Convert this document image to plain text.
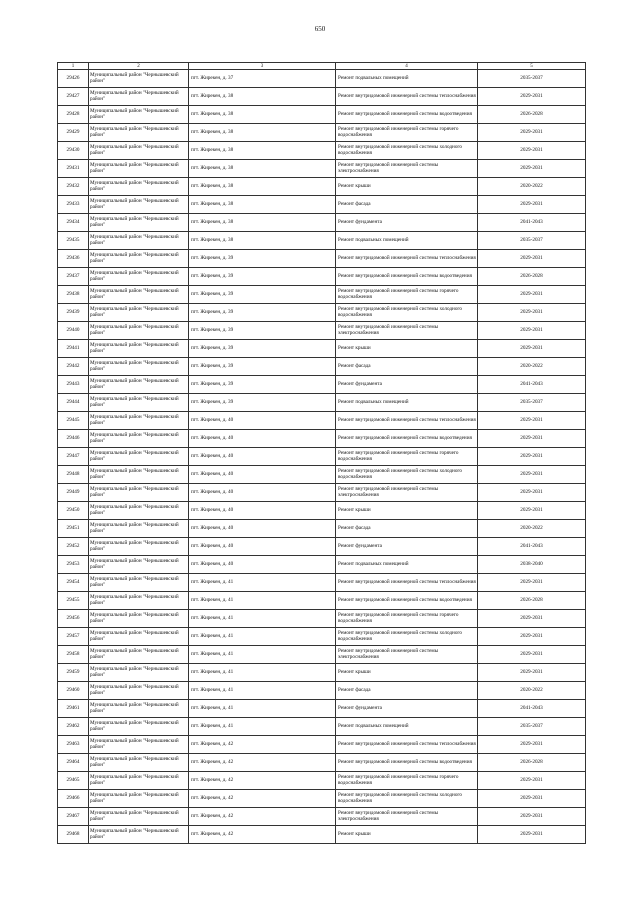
650
1	2	3	4	5
29426	Муниципальный район "Чернышевский район"	пгт. Жирекен, д. 37	Ремонт подвальных помещений	2035-2037
29427	Муниципальный район "Чернышевский район"	пгт. Жирекен, д. 38	Ремонт внутридомовой инженерной системы теплоснабжения	2029-2031
29428	Муниципальный район "Чернышевский район"	пгт. Жирекен, д. 38	Ремонт внутридомовой инженерной системы водоотведения	2026-2028
29429	Муниципальный район "Чернышевский район"	пгт. Жирекен, д. 38	Ремонт внутридомовой инженерной системы горячего водоснабжения	2029-2031
29430	Муниципальный район "Чернышевский район"	пгт. Жирекен, д. 38	Ремонт внутридомовой инженерной системы холодного водоснабжения	2029-2031
29431	Муниципальный район "Чернышевский район"	пгт. Жирекен, д. 38	Ремонт внутридомовой инженерной системы электроснабжения	2029-2031
29432	Муниципальный район "Чернышевский район"	пгт. Жирекен, д. 38	Ремонт крыши	2020-2022
29433	Муниципальный район "Чернышевский район"	пгт. Жирекен, д. 38	Ремонт фасада	2029-2031
29434	Муниципальный район "Чернышевский район"	пгт. Жирекен, д. 38	Ремонт фундамента	2041-2043
29435	Муниципальный район "Чернышевский район"	пгт. Жирекен, д. 38	Ремонт подвальных помещений	2035-2037
29436	Муниципальный район "Чернышевский район"	пгт. Жирекен, д. 39	Ремонт внутридомовой инженерной системы теплоснабжения	2029-2031
29437	Муниципальный район "Чернышевский район"	пгт. Жирекен, д. 39	Ремонт внутридомовой инженерной системы водоотведения	2026-2028
29438	Муниципальный район "Чернышевский район"	пгт. Жирекен, д. 39	Ремонт внутридомовой инженерной системы горячего водоснабжения	2029-2031
29439	Муниципальный район "Чернышевский район"	пгт. Жирекен, д. 39	Ремонт внутридомовой инженерной системы холодного водоснабжения	2029-2031
29440	Муниципальный район "Чернышевский район"	пгт. Жирекен, д. 39	Ремонт внутридомовой инженерной системы электроснабжения	2029-2031
29441	Муниципальный район "Чернышевский район"	пгт. Жирекен, д. 39	Ремонт крыши	2029-2031
29442	Муниципальный район "Чернышевский район"	пгт. Жирекен, д. 39	Ремонт фасада	2020-2022
29443	Муниципальный район "Чернышевский район"	пгт. Жирекен, д. 39	Ремонт фундамента	2041-2043
29444	Муниципальный район "Чернышевский район"	пгт. Жирекен, д. 39	Ремонт подвальных помещений	2035-2037
29445	Муниципальный район "Чернышевский район"	пгт. Жирекен, д. 40	Ремонт внутридомовой инженерной системы теплоснабжения	2029-2031
29446	Муниципальный район "Чернышевский район"	пгт. Жирекен, д. 40	Ремонт внутридомовой инженерной системы водоотведения	2029-2031
29447	Муниципальный район "Чернышевский район"	пгт. Жирекен, д. 40	Ремонт внутридомовой инженерной системы горячего водоснабжения	2029-2031
29448	Муниципальный район "Чернышевский район"	пгт. Жирекен, д. 40	Ремонт внутридомовой инженерной системы холодного водоснабжения	2029-2031
29449	Муниципальный район "Чернышевский район"	пгт. Жирекен, д. 40	Ремонт внутридомовой инженерной системы электроснабжения	2029-2031
29450	Муниципальный район "Чернышевский район"	пгт. Жирекен, д. 40	Ремонт крыши	2029-2031
29451	Муниципальный район "Чернышевский район"	пгт. Жирекен, д. 40	Ремонт фасада	2020-2022
29452	Муниципальный район "Чернышевский район"	пгт. Жирекен, д. 40	Ремонт фундамента	2041-2043
29453	Муниципальный район "Чернышевский район"	пгт. Жирекен, д. 40	Ремонт подвальных помещений	2038-2040
29454	Муниципальный район "Чернышевский район"	пгт. Жирекен, д. 41	Ремонт внутридомовой инженерной системы теплоснабжения	2029-2031
29455	Муниципальный район "Чернышевский район"	пгт. Жирекен, д. 41	Ремонт внутридомовой инженерной системы водоотведения	2026-2028
29456	Муниципальный район "Чернышевский район"	пгт. Жирекен, д. 41	Ремонт внутридомовой инженерной системы горячего водоснабжения	2029-2031
29457	Муниципальный район "Чернышевский район"	пгт. Жирекен, д. 41	Ремонт внутридомовой инженерной системы холодного водоснабжения	2029-2031
29458	Муниципальный район "Чернышевский район"	пгт. Жирекен, д. 41	Ремонт внутридомовой инженерной системы электроснабжения	2029-2031
29459	Муниципальный район "Чернышевский район"	пгт. Жирекен, д. 41	Ремонт крыши	2029-2031
29460	Муниципальный район "Чернышевский район"	пгт. Жирекен, д. 41	Ремонт фасада	2020-2022
29461	Муниципальный район "Чернышевский район"	пгт. Жирекен, д. 41	Ремонт фундамента	2041-2043
29462	Муниципальный район "Чернышевский район"	пгт. Жирекен, д. 41	Ремонт подвальных помещений	2035-2037
29463	Муниципальный район "Чернышевский район"	пгт. Жирекен, д. 42	Ремонт внутридомовой инженерной системы теплоснабжения	2029-2031
29464	Муниципальный район "Чернышевский район"	пгт. Жирекен, д. 42	Ремонт внутридомовой инженерной системы водоотведения	2026-2028
29465	Муниципальный район "Чернышевский район"	пгт. Жирекен, д. 42	Ремонт внутридомовой инженерной системы горячего водоснабжения	2029-2031
29466	Муниципальный район "Чернышевский район"	пгт. Жирекен, д. 42	Ремонт внутридомовой инженерной системы холодного водоснабжения	2029-2031
29467	Муниципальный район "Чернышевский район"	пгт. Жирекен, д. 42	Ремонт внутридомовой инженерной системы электроснабжения	2029-2031
29468	Муниципальный район "Чернышевский район"	пгт. Жирекен, д. 42	Ремонт крыши	2029-2031
